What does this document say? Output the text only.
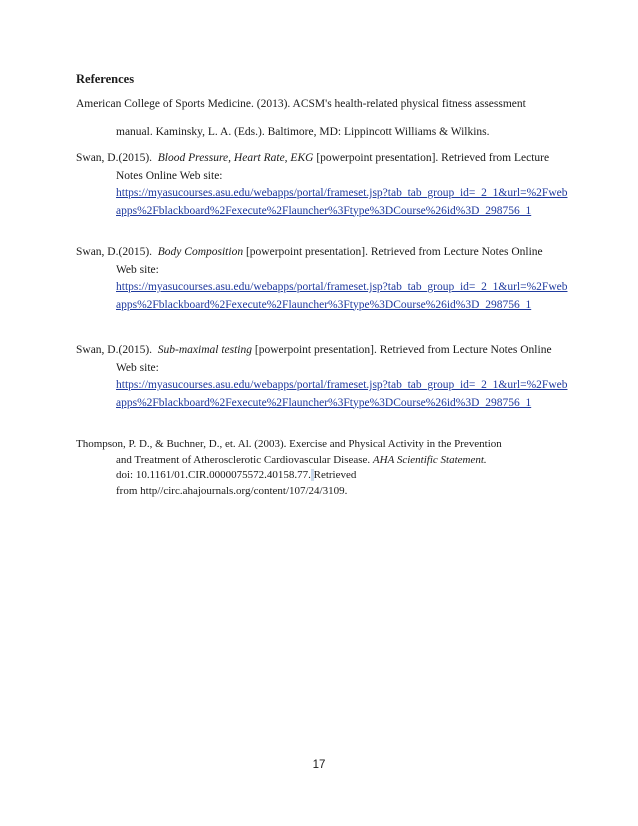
References
American College of Sports Medicine. (2013). ACSM's health-related physical fitness assessment
manual. Kaminsky, L. A. (Eds.). Baltimore, MD: Lippincott Williams & Wilkins.
Swan, D.(2015). Blood Pressure, Heart Rate, EKG [powerpoint presentation]. Retrieved from Lecture
Notes Online Web site:
https://myasucourses.asu.edu/webapps/portal/frameset.jsp?tab_tab_group_id=_2_1&url=%2Fweb
apps%2Fblackboard%2Fexecute%2Flauncher%3Ftype%3DCourse%26id%3D_298756_1
Swan, D.(2015). Body Composition [powerpoint presentation]. Retrieved from Lecture Notes Online
Web site:
https://myasucourses.asu.edu/webapps/portal/frameset.jsp?tab_tab_group_id=_2_1&url=%2Fweb
apps%2Fblackboard%2Fexecute%2Flauncher%3Ftype%3DCourse%26id%3D_298756_1
Swan, D.(2015). Sub-maximal testing [powerpoint presentation]. Retrieved from Lecture Notes Online
Web site:
https://myasucourses.asu.edu/webapps/portal/frameset.jsp?tab_tab_group_id=_2_1&url=%2Fweb
apps%2Fblackboard%2Fexecute%2Flauncher%3Ftype%3DCourse%26id%3D_298756_1
Thompson, P. D., & Buchner, D., et. Al. (2003). Exercise and Physical Activity in the Prevention
and Treatment of Atherosclerotic Cardiovascular Disease. AHA Scientific Statement.
doi: 10.1161/01.CIR.0000075572.40158.77. Retrieved
from http//circ.ahajournals.org/content/107/24/3109.
17
